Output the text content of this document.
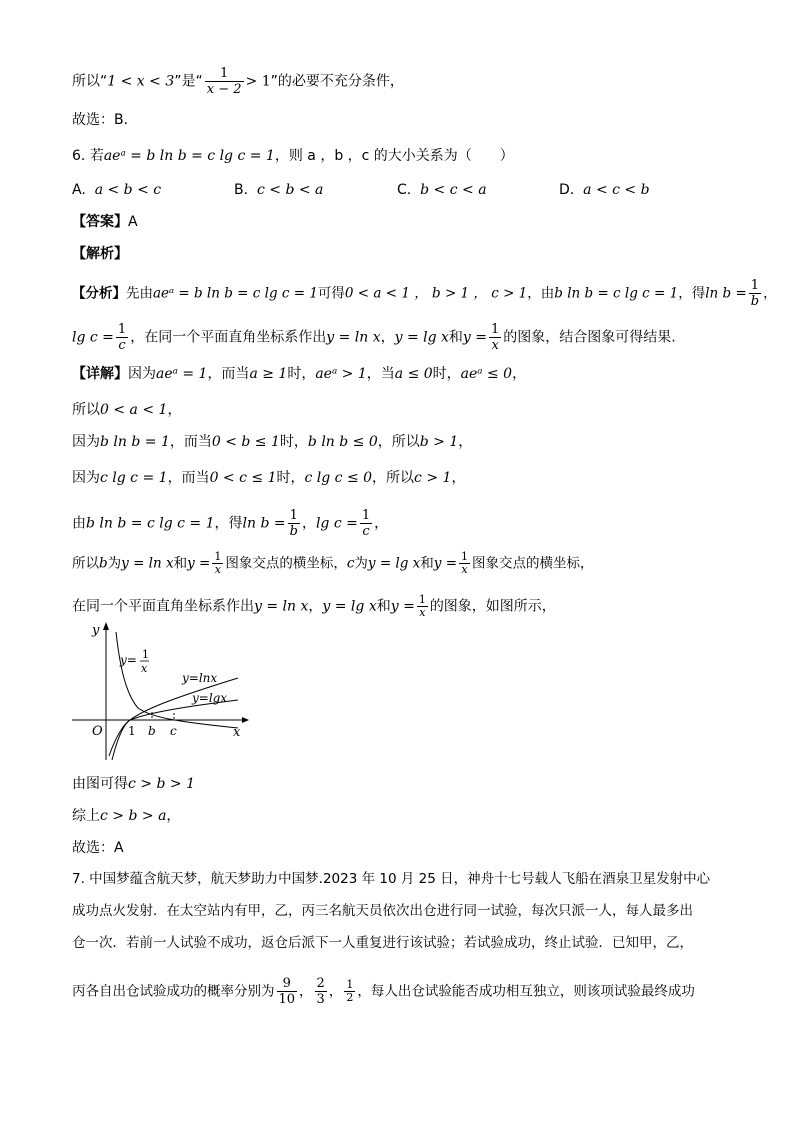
所以“1 < x < 3”是“ $\frac{1}{x - 2} > 1$”的必要不充分条件，
故选：B.
6. 若aeᵃ = b ln b = c lg c = 1，则 a ，b ，c 的大小关系为（　　）
A. a < b < c	B. c < b < a	C. b < c < a	D. a < c < b
【答案】A
【解析】
【分析】先由aeᵃ = b ln b = c lg c = 1可得0 < a < 1 ， b > 1 ， c > 1，由b ln b = c lg c = 1，得$\ln b = \frac{1}{b}$ ，
$\lg c = \frac{1}{c}$ ，在同一个平面直角坐标系作出y = ln x，y = lg x和$y = \frac{1}{x}$ 的图象，结合图象可得结果.
【详解】因为aeᵃ = 1，而当a ≥ 1时，aeᵃ > 1，当a ≤ 0时，aeᵃ ≤ 0，
所以0 < a < 1，
因为b ln b = 1，而当0 < b ≤ 1时，b ln b ≤ 0，所以b > 1，
因为c lg c = 1，而当0 < c ≤ 1时，c lg c ≤ 0，所以c > 1，
由b ln b = c lg c = 1，得$\ln b = \frac{1}{b}$ ，$\lg c = \frac{1}{c}$ ，
所以b为y = ln x和$y = \frac{1}{x}$ 图象交点的横坐标，c为y = lg x和$y = \frac{1}{x}$ 图象交点的横坐标，
在同一个平面直角坐标系作出y = ln x，y = lg x和$y = \frac{1}{x}$ 的图象，如图所示，
y
x
O 1 b c
y= 1
x
y=lnx
y=lgx
由图可得c > b > 1
综上c > b > a，
故选：A
7. 中国梦蕴含航天梦，航天梦助力中国梦.2023 年 10 月 25 日，神舟十七号载人飞船在酒泉卫星发射中心
成功点火发射．在太空站内有甲，乙，丙三名航天员依次出仓进行同一试验，每次只派一人，每人最多出
仓一次．若前一人试验不成功，返仓后派下一人重复进行该试验；若试验成功，终止试验．已知甲，乙，
丙各自出仓试验成功的概率分别为 $\frac{9}{10}$ ， $\frac{2}{3}$ ， $\frac{1}{2}$ ，每人出仓试验能否成功相互独立，则该项试验最终成功
